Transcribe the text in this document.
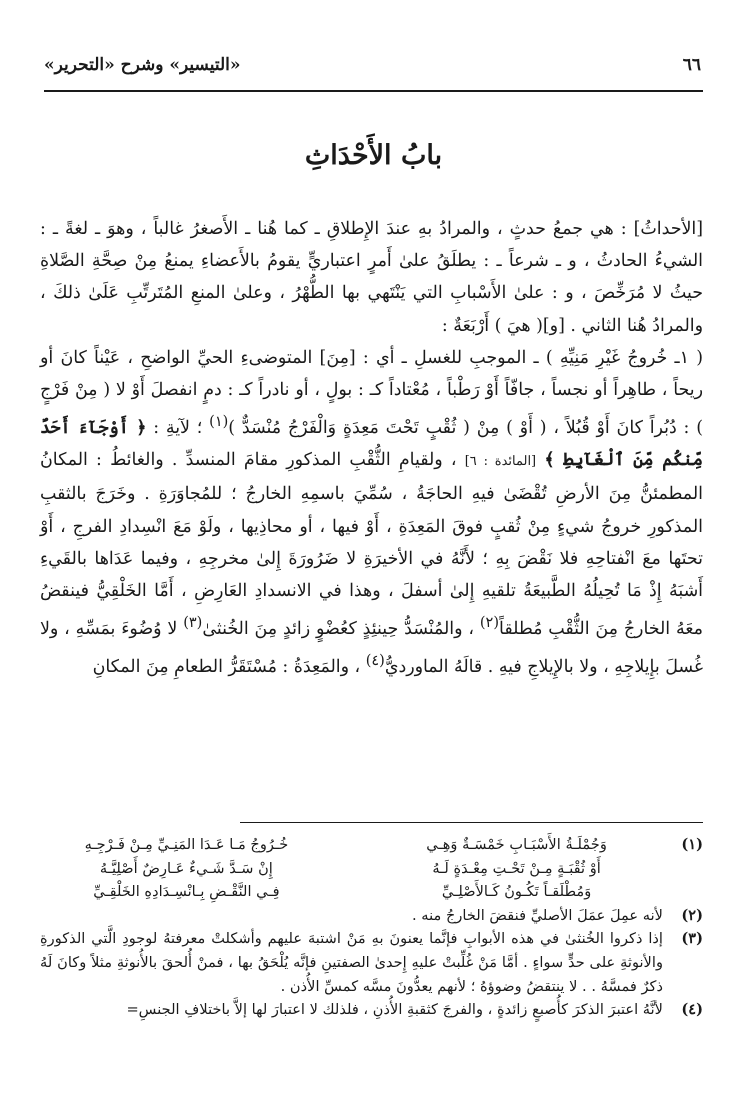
٦٦
«التيسير» وشرح «التحرير»
بابُ الأَحْدَاثِ

[الأحداثُ] : هي جمعُ حدثٍ ، والمرادُ بهِ عندَ الإِطلاقِ ـ كما هُنا ـ الأَصغرُ غالباً ، وهوَ ـ لغةً ـ : الشيءُ الحادثُ ، و ـ شرعاً ـ : يطلَقُ علىٰ أَمرٍ اعتباريٍّ يقومُ بالأَعضاءِ يمنعُ مِنْ صِحَّةِ الصَّلاةِ حيثُ لا مُرَخِّصَ ، و : علىٰ الأَسْبابِ التي يَنْتَهي بها الطُّهْرُ ، وعلىٰ المنعِ المُتَرتِّبِ عَلَىٰ ذلكَ ، والمرادُ هُنا الثاني . [و]( هيَ ) أَرْبَعَةٌ :

( ١ـ خُروجُ غَيْرِ مَنِيِّهِ ) ـ الموجبِ للغسلِ ـ أي : [مِنَ] المتوضىءِ الحيِّ الواضحِ ، عَيْناً كانَ أو ريحاً ، طاهِراً أو نجساً ، جافّاً أَوْ رَطْباً ، مُعْتاداً كـ : بولٍ ، أو نادراً كـ : دمٍ انفصلَ أَوْ لا ( مِنْ فَرْجٍ ) : دُبُراً كانَ أَوْ قُبُلاً ، ( أَوْ ) مِنْ ( ثُقْبٍ تَحْتَ مَعِدَةٍ وَالْفَرْجُ مُنْسَدٌّ )$^{(١)}$ ؛ لآيةِ : ﴿ أَوْجَآءَ أَحَدٌ مِّنكُم مِّنَ ٱلْغَآيِطِ ﴾ [المائدة : ٦] ، ولقيامِ الثُّقْبِ المذكورِ مقامَ المنسدِّ . والغائطُ : المكانُ المطمئنُّ مِنَ الأرضِ تُقْضَىٰ فيهِ الحاجَةُ ، سُمِّيَ باسمِهِ الخارجُ ؛ للمُجاوَرَةِ . وخَرَجَ بالثقبِ المذكورِ خروجُ شيءٍ مِنْ ثُقبٍ فوقَ المَعِدَةِ ، أَوْ فيها ، أو محاذِيها ، ولَوْ مَعَ انْسِدادِ الفرجِ ، أَوْ تحتَها معَ انْفتاحِهِ فلا نَقْضَ بِهِ ؛ لأَنَّهُ في الأخيرَةِ لا ضَرُورَةَ إِلىٰ مخرجِهِ ، وفيما عَدَاها بالقَيءِ أَشبَهُ إِذْ مَا تُحِيلُهُ الطَّبيعَةُ تلقيهِ إِلىٰ أسفلَ ، وهذا في الانسدادِ العَارِضِ ، أَمَّا الخَلْقِيُّ فينقضُ معَهُ الخارجُ مِنَ الثُّقْبِ مُطلقاً$^{(٢)}$ ، والمُنْسَدُّ حِينئِذٍ كعُضْوٍ زائدٍ مِنَ الخُنثىٰ$^{(٣)}$ لا وُضُوءَ بمَسِّهِ ، ولا غُسلَ بإِيلاجِهِ ، ولا بالإِيلاجِ فيهِ . قالَهُ الماورديُّ$^{(٤)}$ ، والمَعِدَةُ : مُسْتَقَرُّ الطعامِ مِنَ المكانِ

(١)
وَجُمْلَـةُ الأَسْبَـابِ خَمْسَـةٌ وَهِـي
خُـرُوجُ مَـا عَـدَا المَنِـيِّ مِـنْ فَـرْجِـهِ
أَوْ ثُقْبَـةٍ مِـنْ تَحْـتِ مِعْـدَةٍ لَـهُ
إِنْ سَـدَّ شَـيءٌ عَـارِضٌ أَصْلِيَّـهُ
وَمُطْلَقـاً تَكُـونُ كَـالأَصْلِـيِّ
فِـي النَّقْـضِ بِـانْسِـدَادِهِ الخَلْقِـيِّ
(٢)
لأنه عمِلَ عمَلَ الأصليِّ فنقضَ الخارجُ منه .
(٣)
إذا ذكروا الخُنثىٰ في هذه الأبوابِ فإنَّما يعنونَ بهِ مَنْ اشتبهَ عليهم وأشكلتْ معرفتهُ لوجودِ الَّتي الذكورةِ والأنوثةِ على حدٍّ سواءٍ . أمَّا مَنْ غُلِّبتْ عليهِ إِحدىٰ الصفتينِ فإنَّه يُلْحَقُ بها ، فمنْ أُلحقَ بالأُنوثةِ مثلاً وكانَ لَهُ ذكرٌ فمسَّهُ . . لا ينتقضُ وضوؤهُ ؛ لأنهم يعدُّونَ مسَّه كمسِّ الأُذن .
(٤)
لأنَّهُ اعتبرَ الذكرَ كأُصبعٍ زائدةٍ ، والفرجَ كثقبةِ الأُذنِ ، فلذلك لا اعتبارَ لها إلاَّ باختلافِ الجنسِ=
